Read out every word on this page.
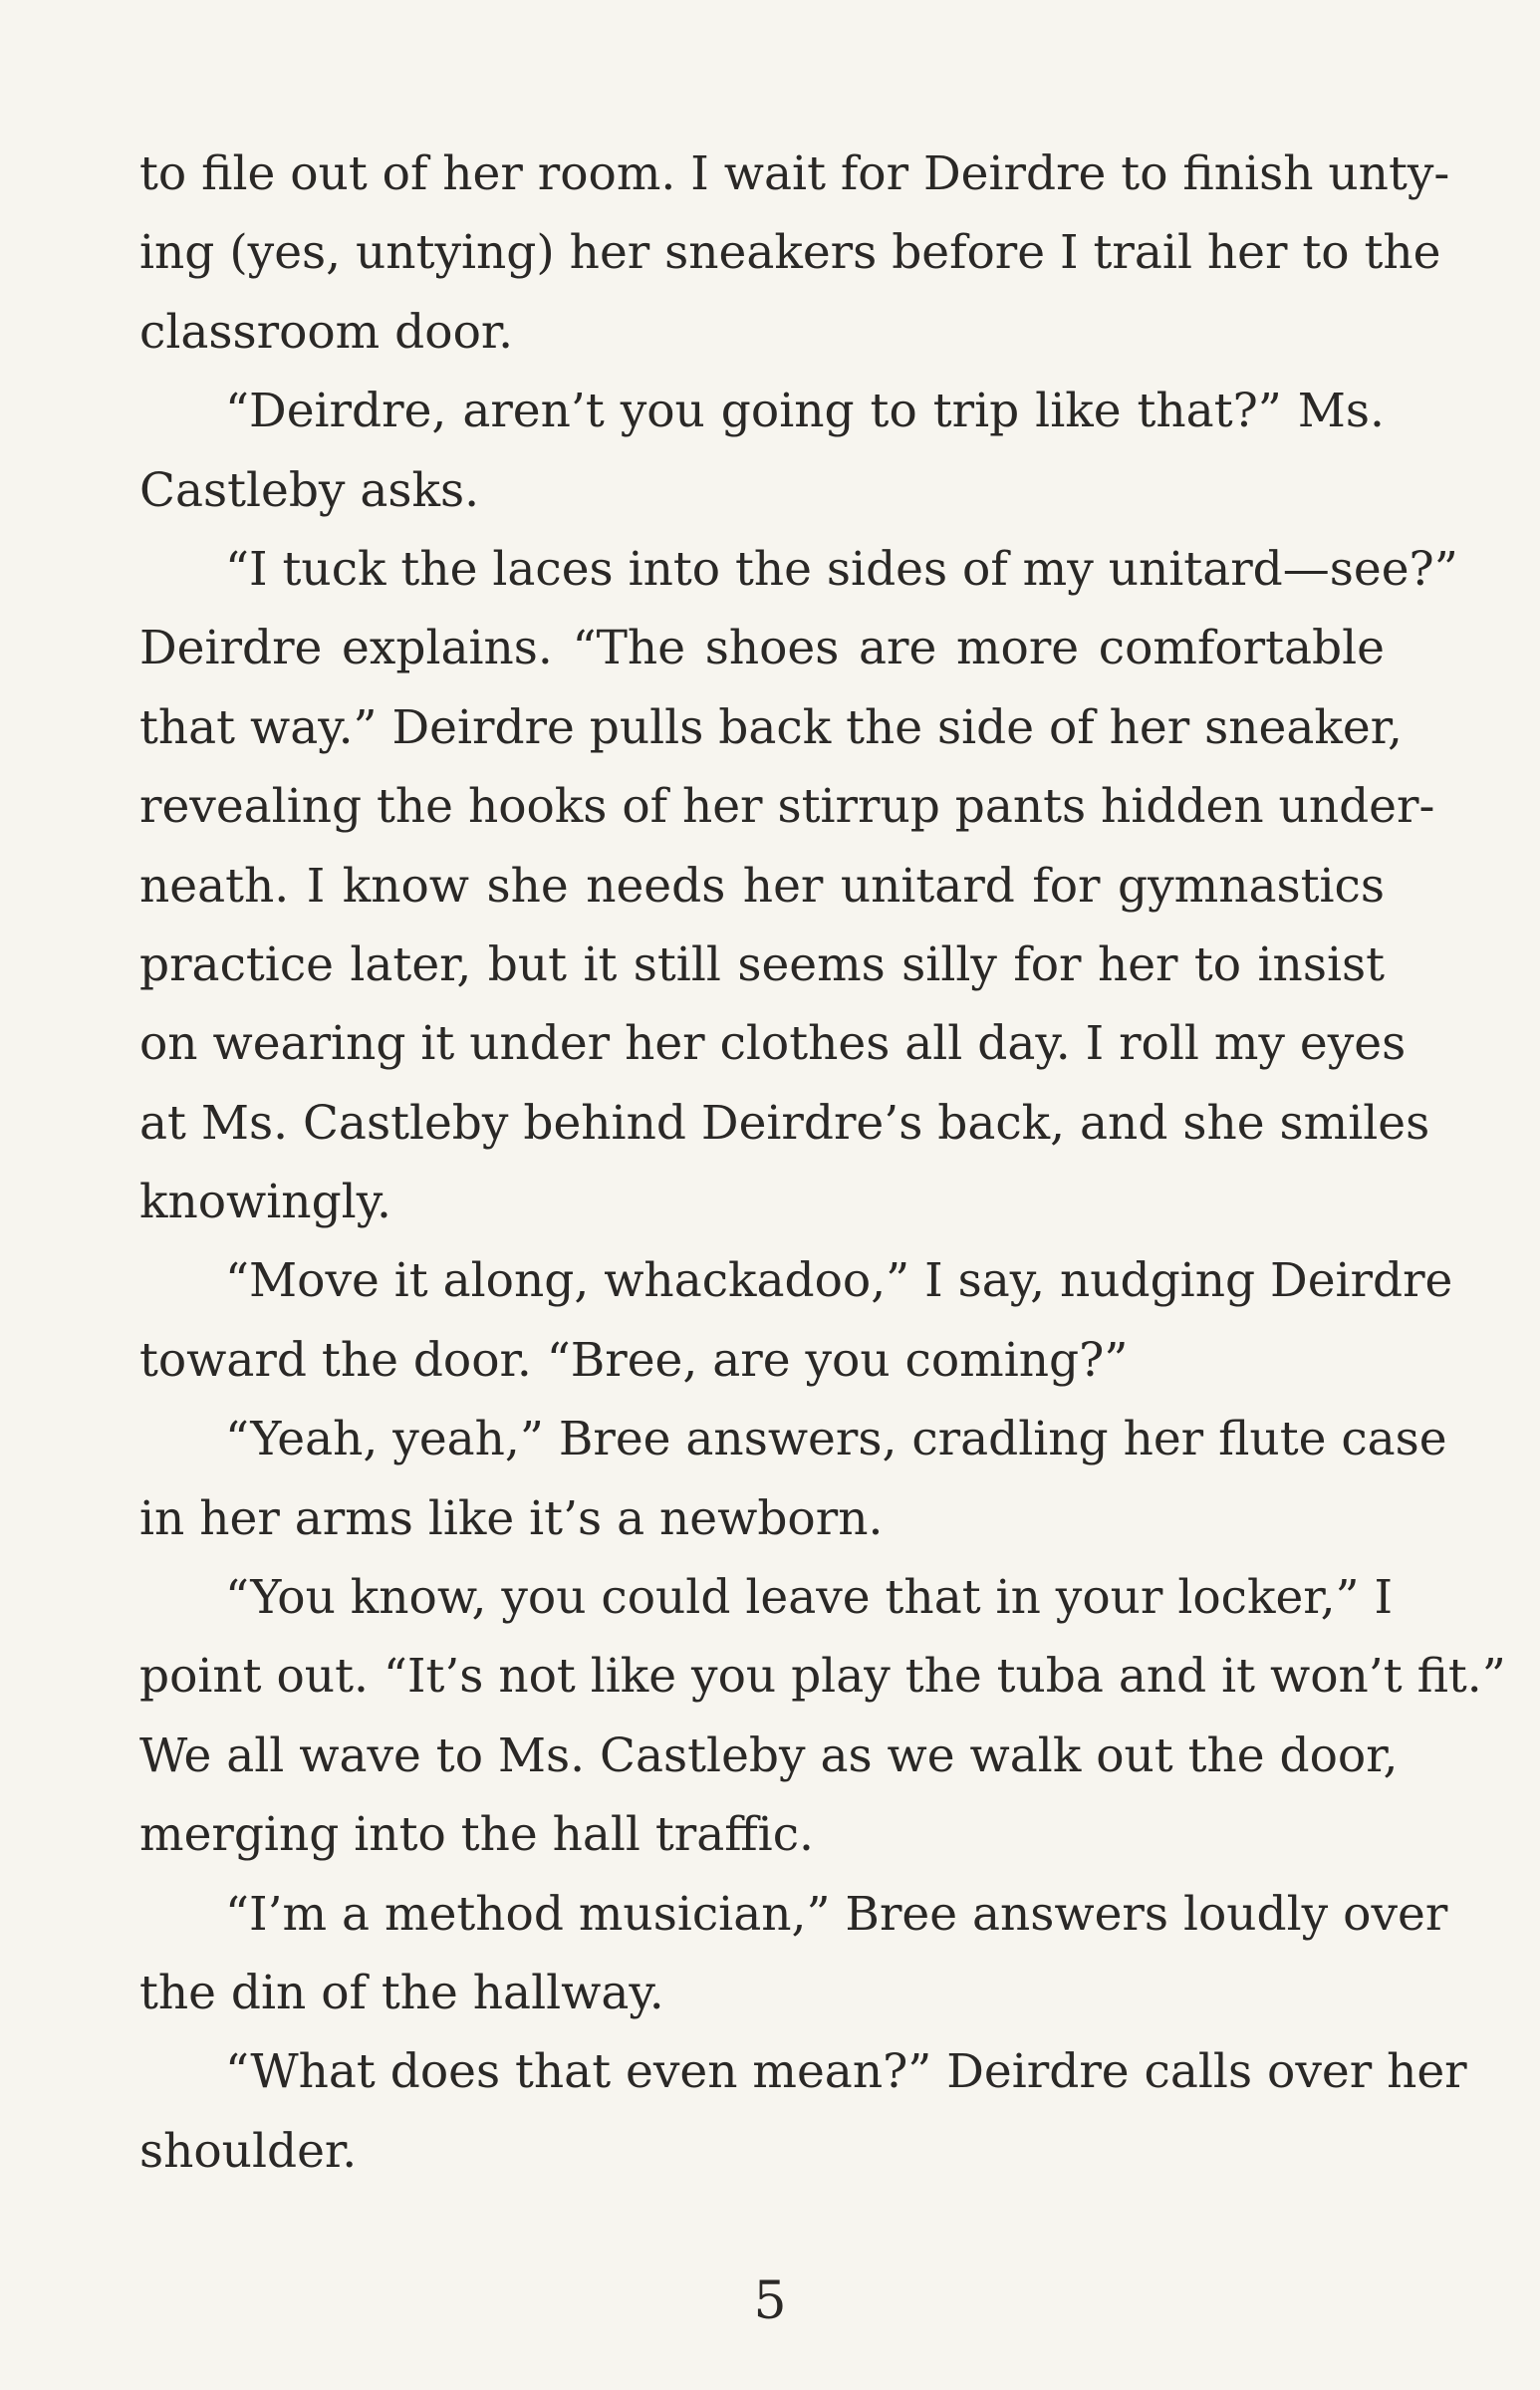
to file out of her room. I wait for Deirdre to finish unty-
ing (yes, untying) her sneakers before I trail her to the
classroom door.
“Deirdre, aren’t you going to trip like that?” Ms.
Castleby asks.
“I tuck the laces into the sides of my unitard—see?”
Deirdre explains. “The shoes are more comfortable
that way.” Deirdre pulls back the side of her sneaker,
revealing the hooks of her stirrup pants hidden under-
neath. I know she needs her unitard for gymnastics
practice later, but it still seems silly for her to insist
on wearing it under her clothes all day. I roll my eyes
at Ms. Castleby behind Deirdre’s back, and she smiles
knowingly.
“Move it along, whackadoo,” I say, nudging Deirdre
toward the door. “Bree, are you coming?”
“Yeah, yeah,” Bree answers, cradling her flute case
in her arms like it’s a newborn.
“You know, you could leave that in your locker,” I
point out. “It’s not like you play the tuba and it won’t fit.”
We all wave to Ms. Castleby as we walk out the door,
merging into the hall traffic.
“I’m a method musician,” Bree answers loudly over
the din of the hallway.
“What does that even mean?” Deirdre calls over her
shoulder.
5
